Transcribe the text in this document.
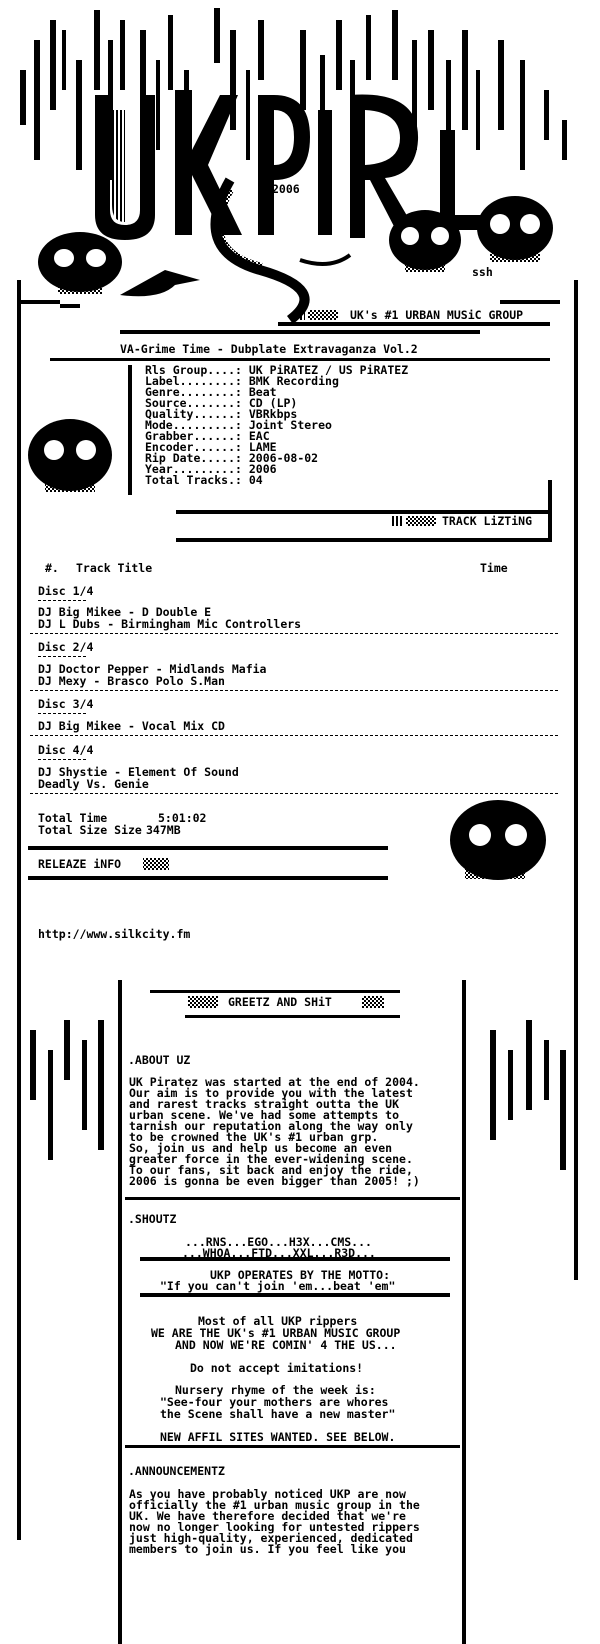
2006
ssh
UK's #1 URBAN MUSiC GROUP
VA-Grime Time - Dubplate Extravaganza Vol.2
Rls Group....: UK PiRATEZ / US PiRATEZ
Label........: BMK Recording
Genre........: Beat
Source.......: CD (LP)
Quality......: VBRkbps
Mode.........: Joint Stereo
Grabber......: EAC
Encoder......: LAME
Rip Date.....: 2006-08-02
Year.........: 2006
Total Tracks.: 04
TRACK LiZTiNG
#. Track Title	Time
Disc 1/4
DJ Big Mikee - D Double E
DJ L Dubs - Birmingham Mic Controllers
Disc 2/4
DJ Doctor Pepper - Midlands Mafia
DJ Mexy - Brasco Polo S.Man
Disc 3/4
DJ Big Mikee - Vocal Mix CD
Disc 4/4
DJ Shystie - Element Of Sound
Deadly Vs. Genie
Total Time	5:01:02
Total Size Size 347MB
RELEAZE iNFO
http://www.silkcity.fm
GREETZ AND SHiT
.ABOUT UZ
UK Piratez was started at the end of 2004.
Our aim is to provide you with the latest
and rarest tracks straight outta the UK
urban scene. We've had some attempts to
tarnish our reputation along the way only
to be crowned the UK's #1 urban grp.
So, join us and help us become an even
greater force in the ever-widening scene.
To our fans, sit back and enjoy the ride,
2006 is gonna be even bigger than 2005! ;)
.SHOUTZ
...RNS...EGO...H3X...CMS...
...WHOA...FTD...XXL...R3D...
UKP OPERATES BY THE MOTTO:
"If you can't join 'em...beat 'em"
Most of all UKP rippers
WE ARE THE UK's #1 URBAN MUSIC GROUP
AND NOW WE'RE COMIN' 4 THE US...
Do not accept imitations!
Nursery rhyme of the week is:
"See-four your mothers are whores
the Scene shall have a new master"
NEW AFFIL SITES WANTED. SEE BELOW.
.ANNOUNCEMENTZ
As you have probably noticed UKP are now
officially the #1 urban music group in the
UK. We have therefore decided that we're
now no longer looking for untested rippers
just high-quality, experienced, dedicated
members to join us. If you feel like you
